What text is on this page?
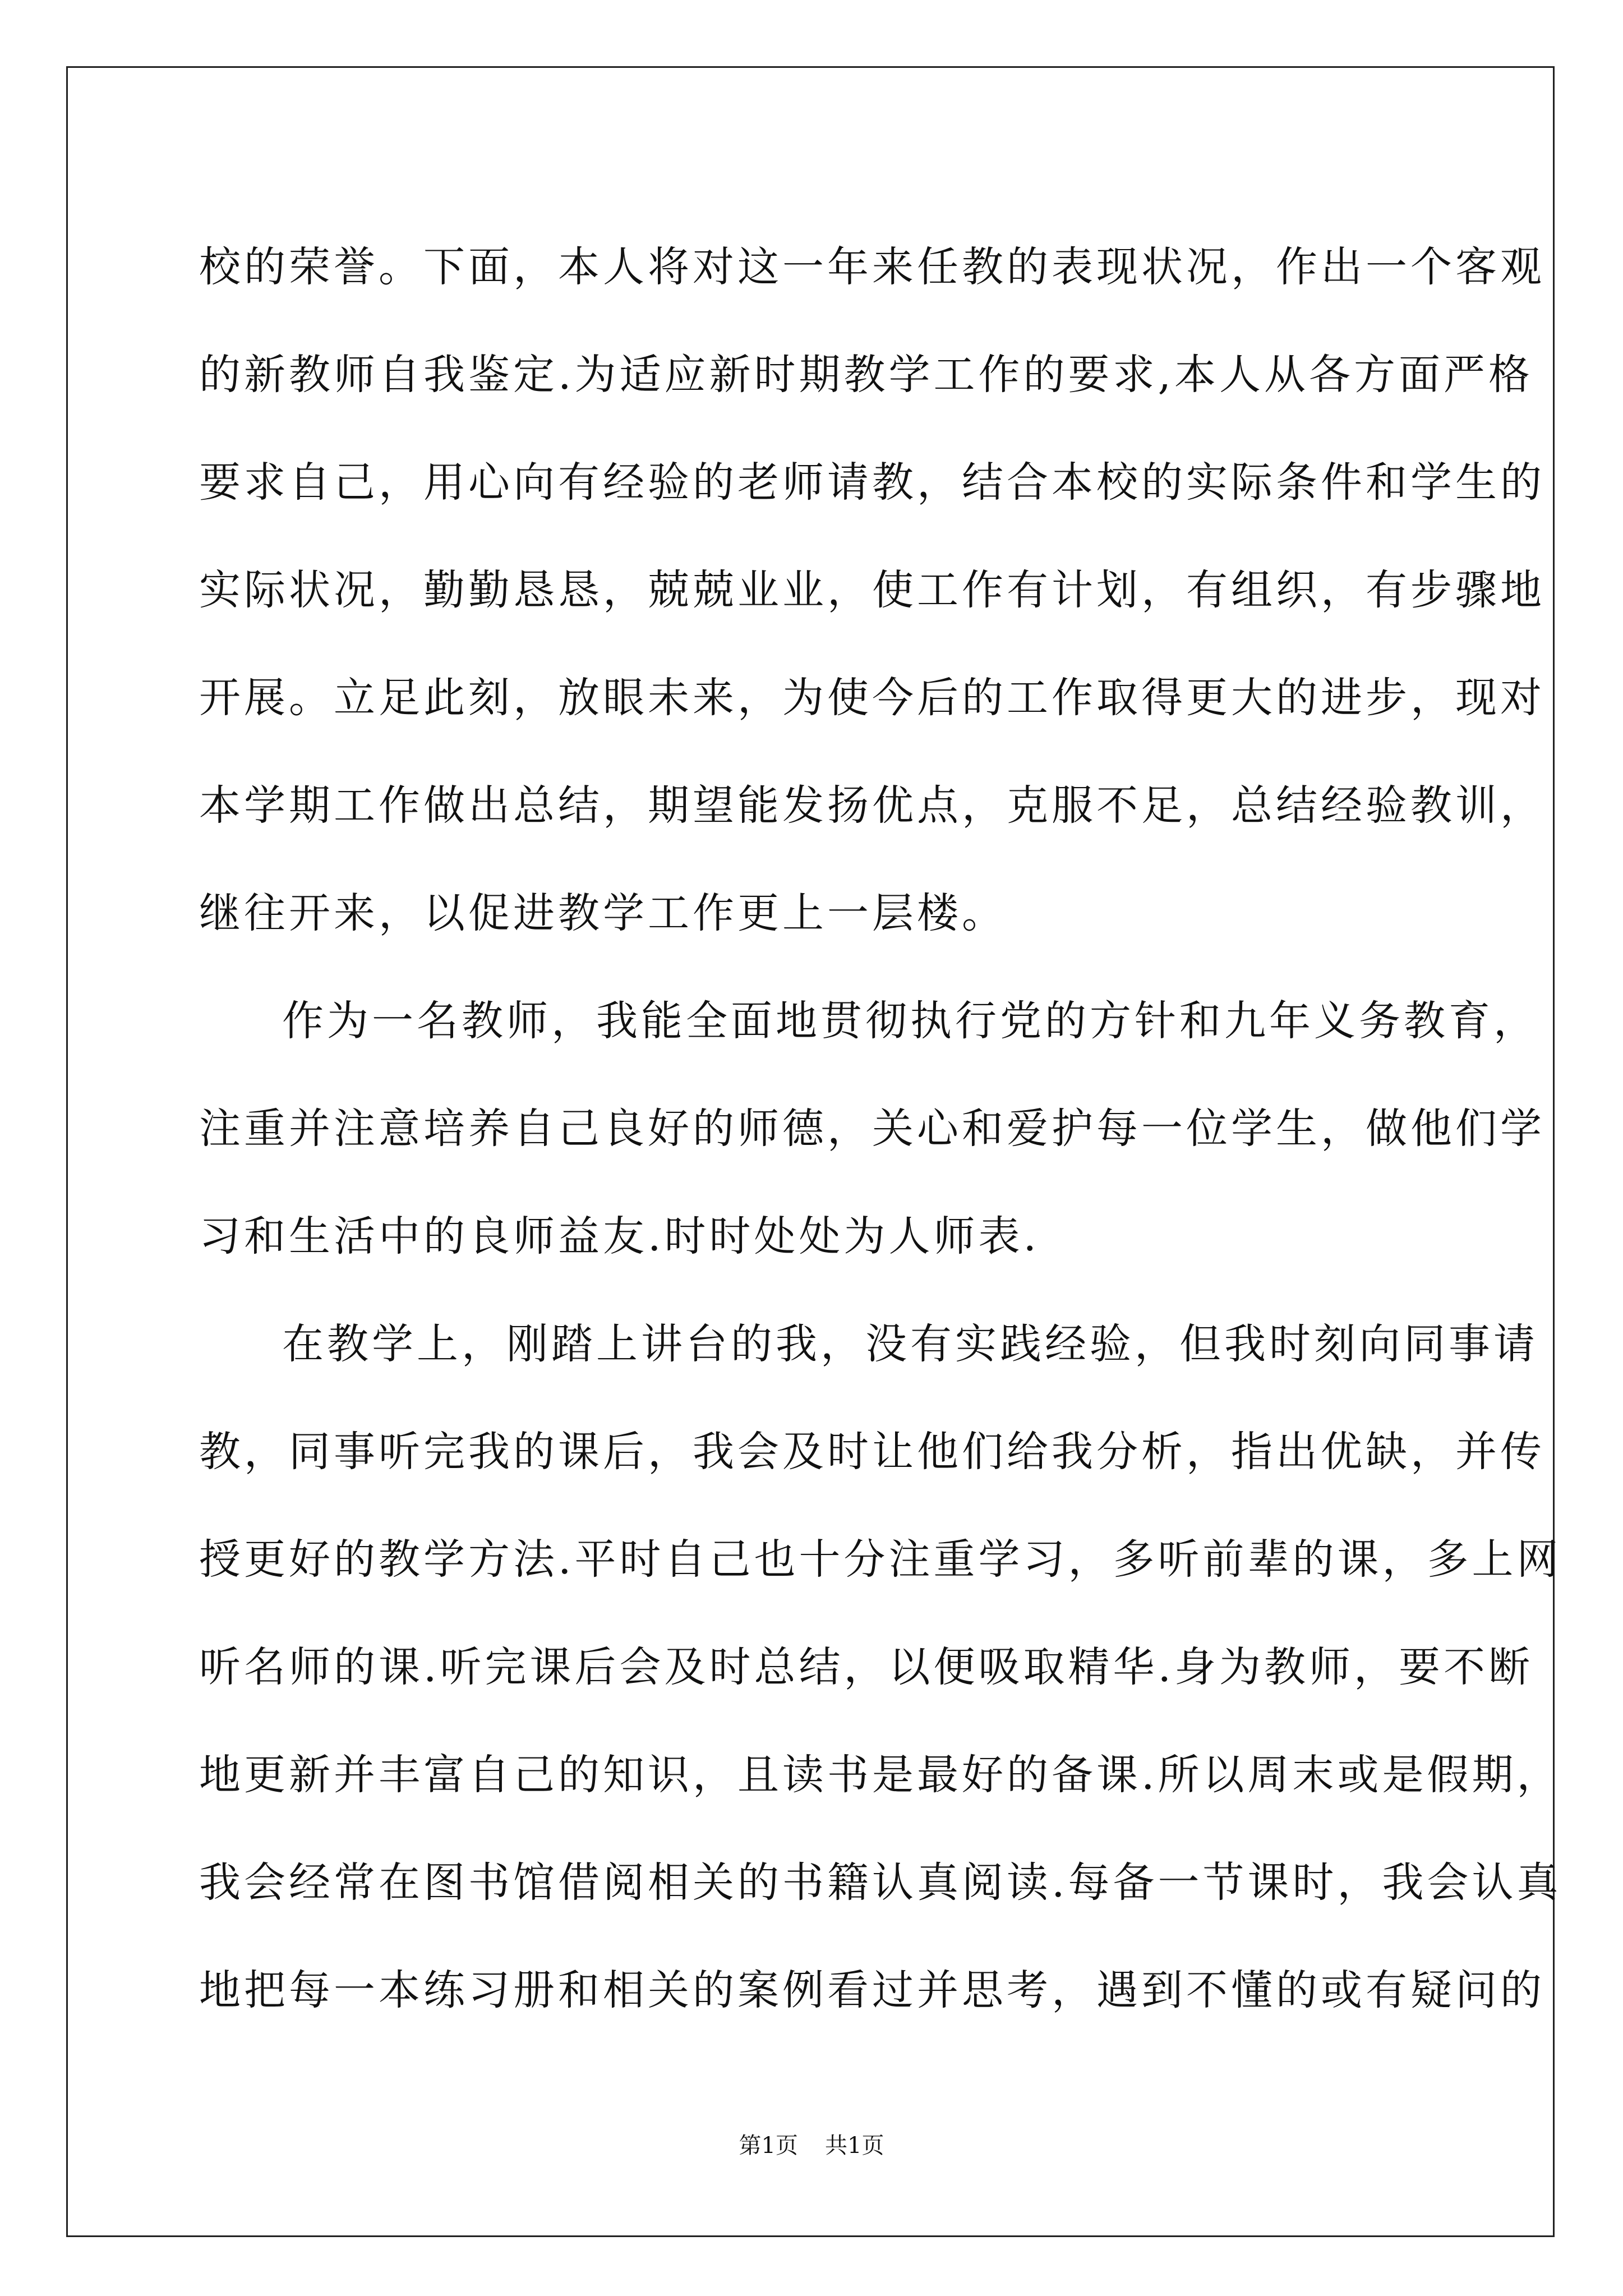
校的荣誉。下面，本人将对这一年来任教的表现状况，作出一个客观
的新教师自我鉴定.为适应新时期教学工作的要求,本人从各方面严格
要求自己，用心向有经验的老师请教，结合本校的实际条件和学生的
实际状况，勤勤恳恳，兢兢业业，使工作有计划，有组织，有步骤地
开展。立足此刻，放眼未来，为使今后的工作取得更大的进步，现对
本学期工作做出总结，期望能发扬优点，克服不足，总结经验教训，
继往开来，以促进教学工作更上一层楼。
作为一名教师，我能全面地贯彻执行党的方针和九年义务教育，
注重并注意培养自己良好的师德，关心和爱护每一位学生，做他们学
习和生活中的良师益友.时时处处为人师表.
在教学上，刚踏上讲台的我，没有实践经验，但我时刻向同事请
教，同事听完我的课后，我会及时让他们给我分析，指出优缺，并传
授更好的教学方法.平时自己也十分注重学习，多听前辈的课，多上网
听名师的课.听完课后会及时总结，以便吸取精华.身为教师，要不断
地更新并丰富自己的知识，且读书是最好的备课.所以周末或是假期，
我会经常在图书馆借阅相关的书籍认真阅读.每备一节课时，我会认真
地把每一本练习册和相关的案例看过并思考，遇到不懂的或有疑问的
第1页 共1页
